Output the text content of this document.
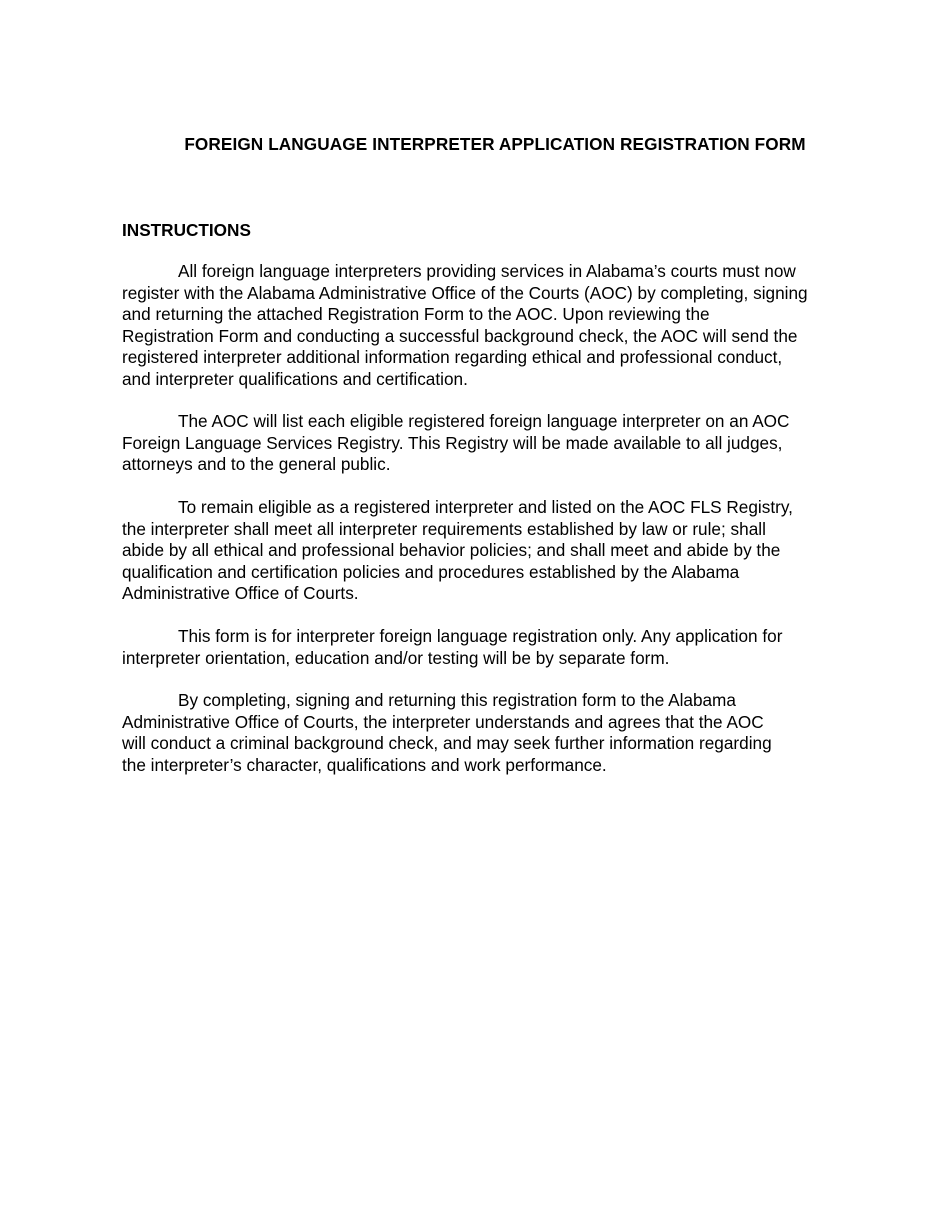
FOREIGN LANGUAGE INTERPRETER APPLICATION REGISTRATION FORM
INSTRUCTIONS

All foreign language interpreters providing services in Alabama’s courts must now
register with the Alabama Administrative Office of the Courts (AOC) by completing, signing
and returning the attached Registration Form to the AOC. Upon reviewing the
Registration Form and conducting a successful background check, the AOC will send the
registered interpreter additional information regarding ethical and professional conduct,
and interpreter qualifications and certification.

The AOC will list each eligible registered foreign language interpreter on an AOC
Foreign Language Services Registry. This Registry will be made available to all judges,
attorneys and to the general public.

To remain eligible as a registered interpreter and listed on the AOC FLS Registry,
the interpreter shall meet all interpreter requirements established by law or rule; shall
abide by all ethical and professional behavior policies; and shall meet and abide by the
qualification and certification policies and procedures established by the Alabama
Administrative Office of Courts.

This form is for interpreter foreign language registration only. Any application for
interpreter orientation, education and/or testing will be by separate form.

By completing, signing and returning this registration form to the Alabama
Administrative Office of Courts, the interpreter understands and agrees that the AOC
will conduct a criminal background check, and may seek further information regarding
the interpreter’s character, qualifications and work performance.
